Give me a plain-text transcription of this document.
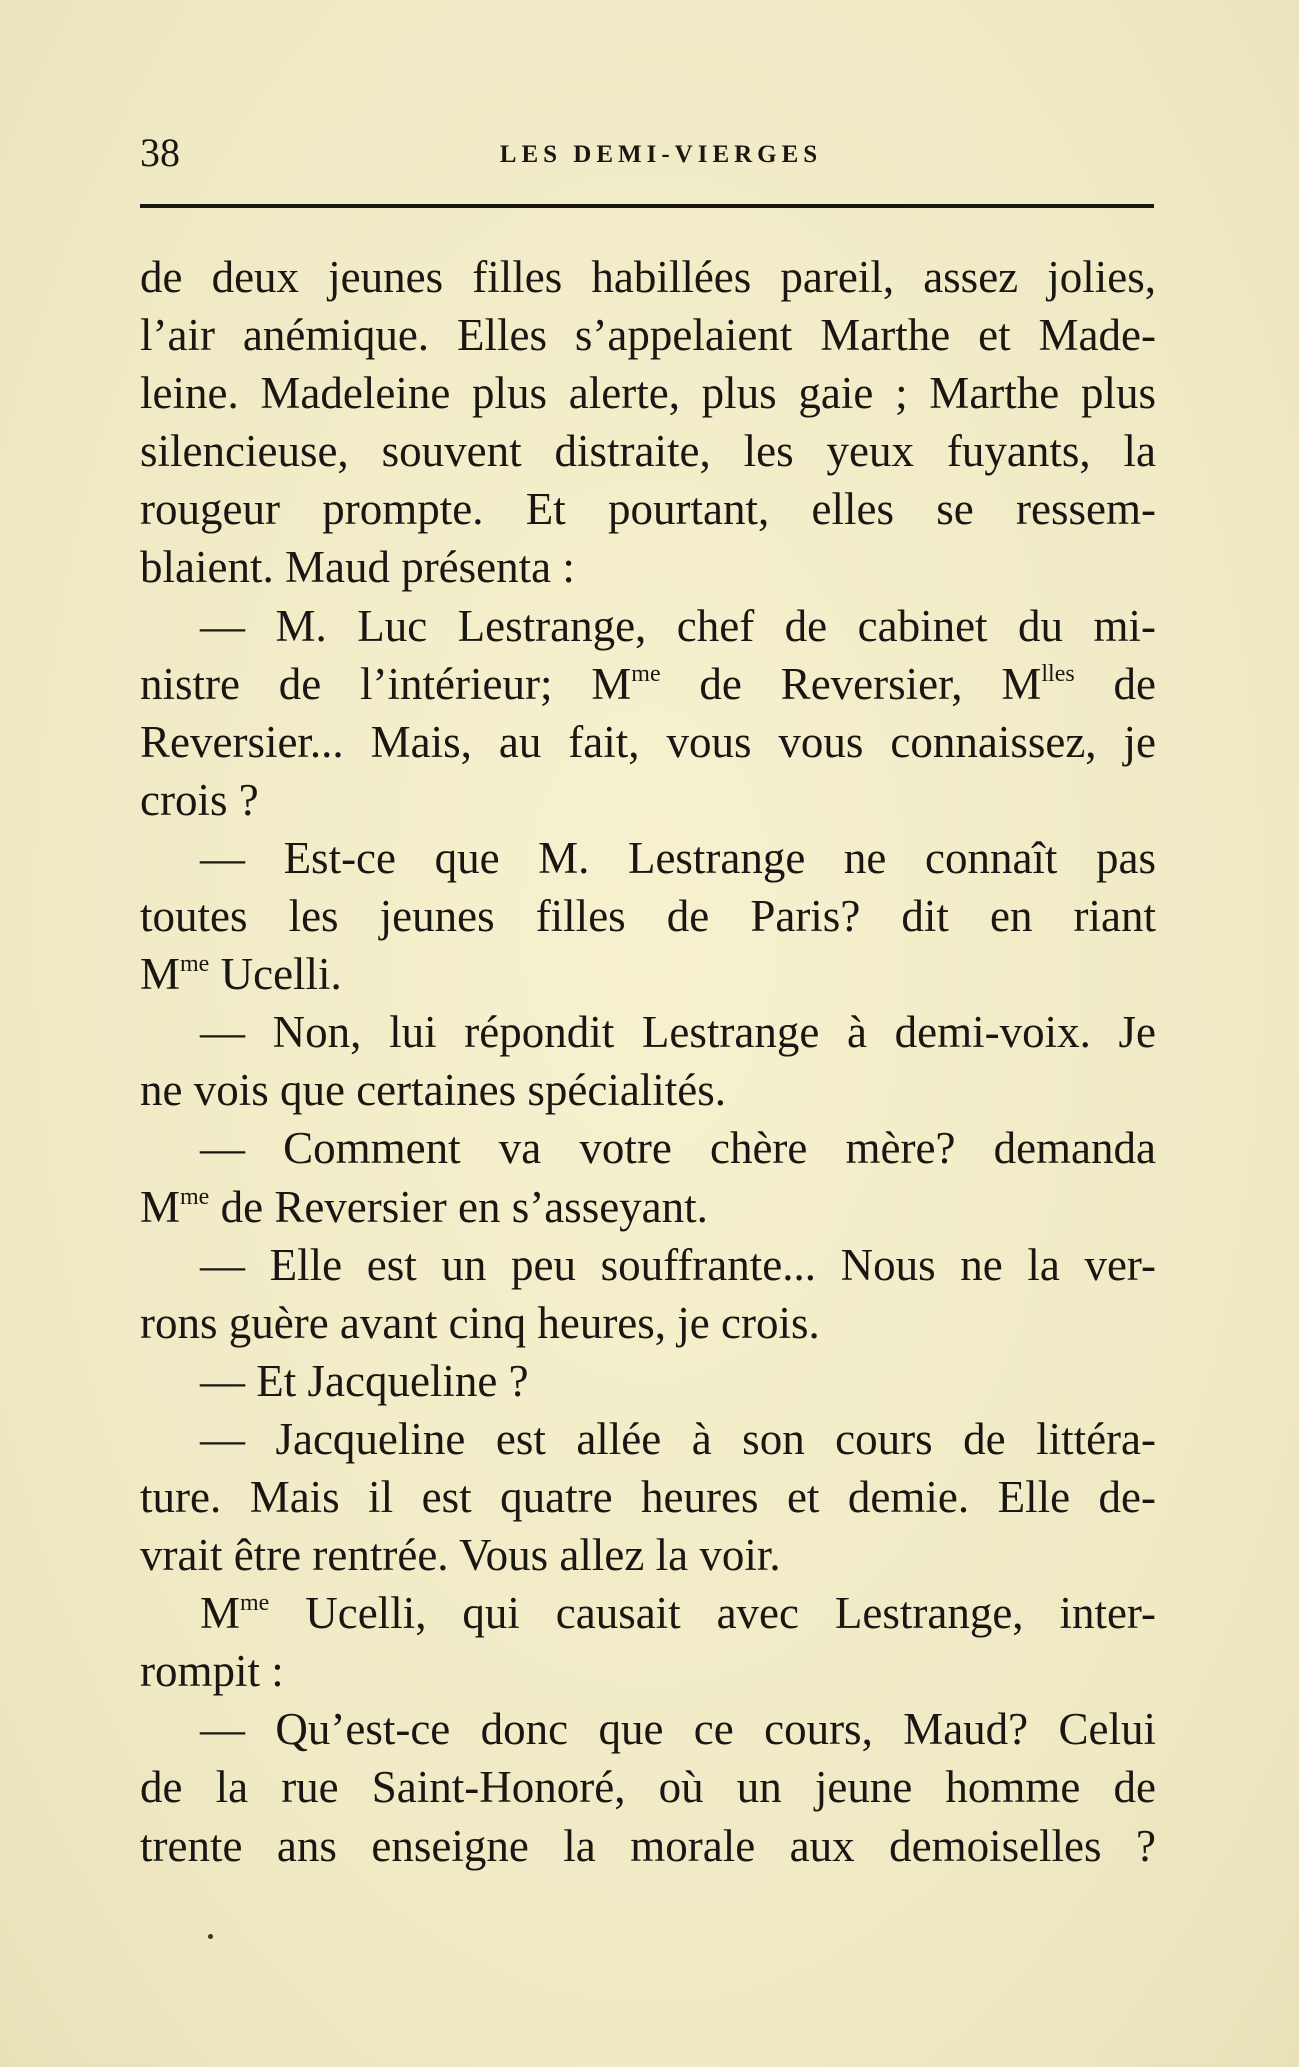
38	LES DEMI-VIERGES
de deux jeunes filles habillées pareil, assez jolies,
l’air anémique. Elles s’appelaient Marthe et Made-
leine. Madeleine plus alerte, plus gaie ; Marthe plus
silencieuse, souvent distraite, les yeux fuyants, la
rougeur prompte. Et pourtant, elles se ressem-
blaient. Maud présenta :
— M. Luc Lestrange, chef de cabinet du mi-
nistre de l’intérieur; $M^{me}$ de Reversier, $M^{lles}$ de
Reversier... Mais, au fait, vous vous connaissez, je
crois ?
— Est-ce que M. Lestrange ne connaît pas
toutes les jeunes filles de Paris? dit en riant
$M^{me}$ Ucelli.
— Non, lui répondit Lestrange à demi-voix. Je
ne vois que certaines spécialités.
— Comment va votre chère mère? demanda
$M^{me}$ de Reversier en s’asseyant.
— Elle est un peu souffrante... Nous ne la ver-
rons guère avant cinq heures, je crois.
— Et Jacqueline ?
— Jacqueline est allée à son cours de littéra-
ture. Mais il est quatre heures et demie. Elle de-
vrait être rentrée. Vous allez la voir.
$M^{me}$ Ucelli, qui causait avec Lestrange, inter-
rompit :
— Qu’est-ce donc que ce cours, Maud? Celui
de la rue Saint-Honoré, où un jeune homme de
trente ans enseigne la morale aux demoiselles ?
